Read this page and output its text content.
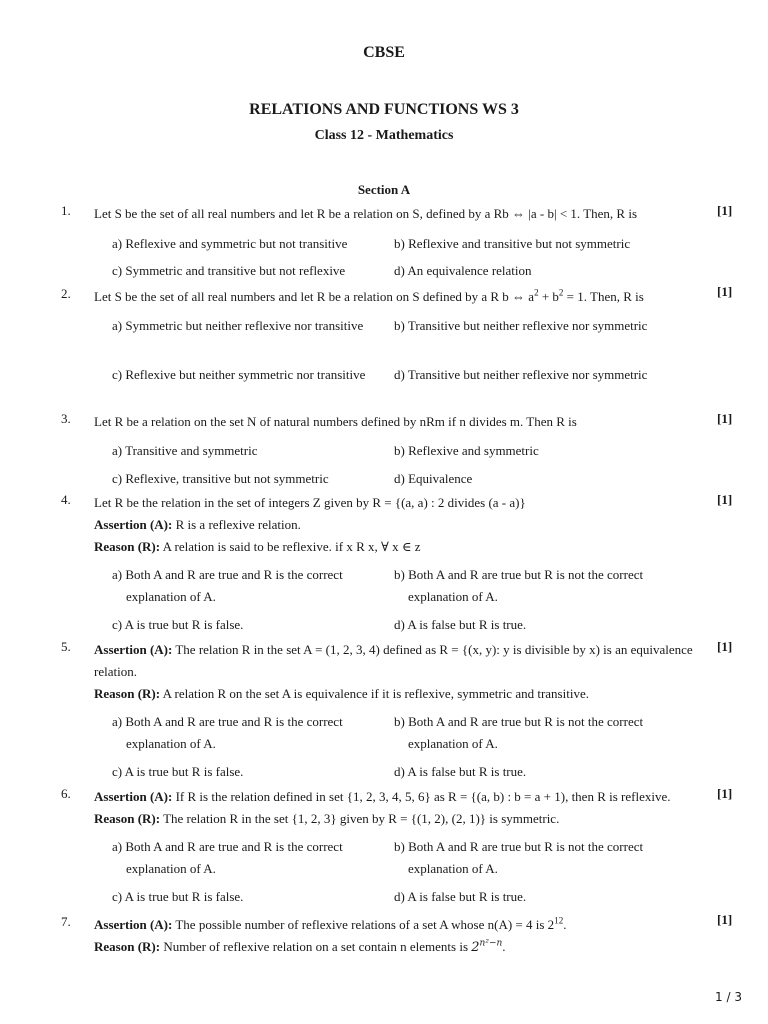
CBSE
RELATIONS AND FUNCTIONS WS 3
Class 12 - Mathematics
Section A
1. Let S be the set of all real numbers and let R be a relation on S, defined by a Rb ⇔ |a - b| < 1. Then, R is	[1]
a) Reflexive and symmetric but not transitive	b) Reflexive and transitive but not symmetric
c) Symmetric and transitive but not reflexive	d) An equivalence relation
2. Let S be the set of all real numbers and let R be a relation on S defined by a R b ⇔ $a^2 + b^2 = 1$. Then, R is	[1]
a) Symmetric but neither reflexive nor transitive	b) Transitive but neither reflexive nor symmetric
c) Reflexive but neither symmetric nor transitive	d) Transitive but neither reflexive nor symmetric
3. Let R be a relation on the set N of natural numbers defined by nRm if n divides m. Then R is	[1]
a) Transitive and symmetric	b) Reflexive and symmetric
c) Reflexive, transitive but not symmetric	d) Equivalence
4. Let R be the relation in the set of integers Z given by R = {(a, a) : 2 divides (a - a)}
Assertion (A): R is a reflexive relation.
Reason (R): A relation is said to be reflexive. if x R x, ∀ x ∈ z
[1]
a) Both A and R are true and R is the correct explanation of A.
b) Both A and R are true but R is not the correct explanation of A.
c) A is true but R is false.	d) A is false but R is true.
5. Assertion (A): The relation R in the set A = (1, 2, 3, 4) defined as R = {(x, y): y is divisible by x) is an equivalence relation.
Reason (R): A relation R on the set A is equivalence if it is reflexive, symmetric and transitive.
[1]
a) Both A and R are true and R is the correct explanation of A.
b) Both A and R are true but R is not the correct explanation of A.
c) A is true but R is false.	d) A is false but R is true.
6. Assertion (A): If R is the relation defined in set {1, 2, 3, 4, 5, 6} as R = {(a, b) : b = a + 1), then R is reflexive.
Reason (R): The relation R in the set {1, 2, 3} given by R = {(1, 2), (2, 1)} is symmetric.
[1]
a) Both A and R are true and R is the correct explanation of A.
b) Both A and R are true but R is not the correct explanation of A.
c) A is true but R is false.	d) A is false but R is true.
7. Assertion (A): The possible number of reflexive relations of a set A whose n(A) = 4 is $2^{12}$.
Reason (R): Number of reflexive relation on a set contain n elements is $2^{n^2-n}$.
[1]
1 / 3
